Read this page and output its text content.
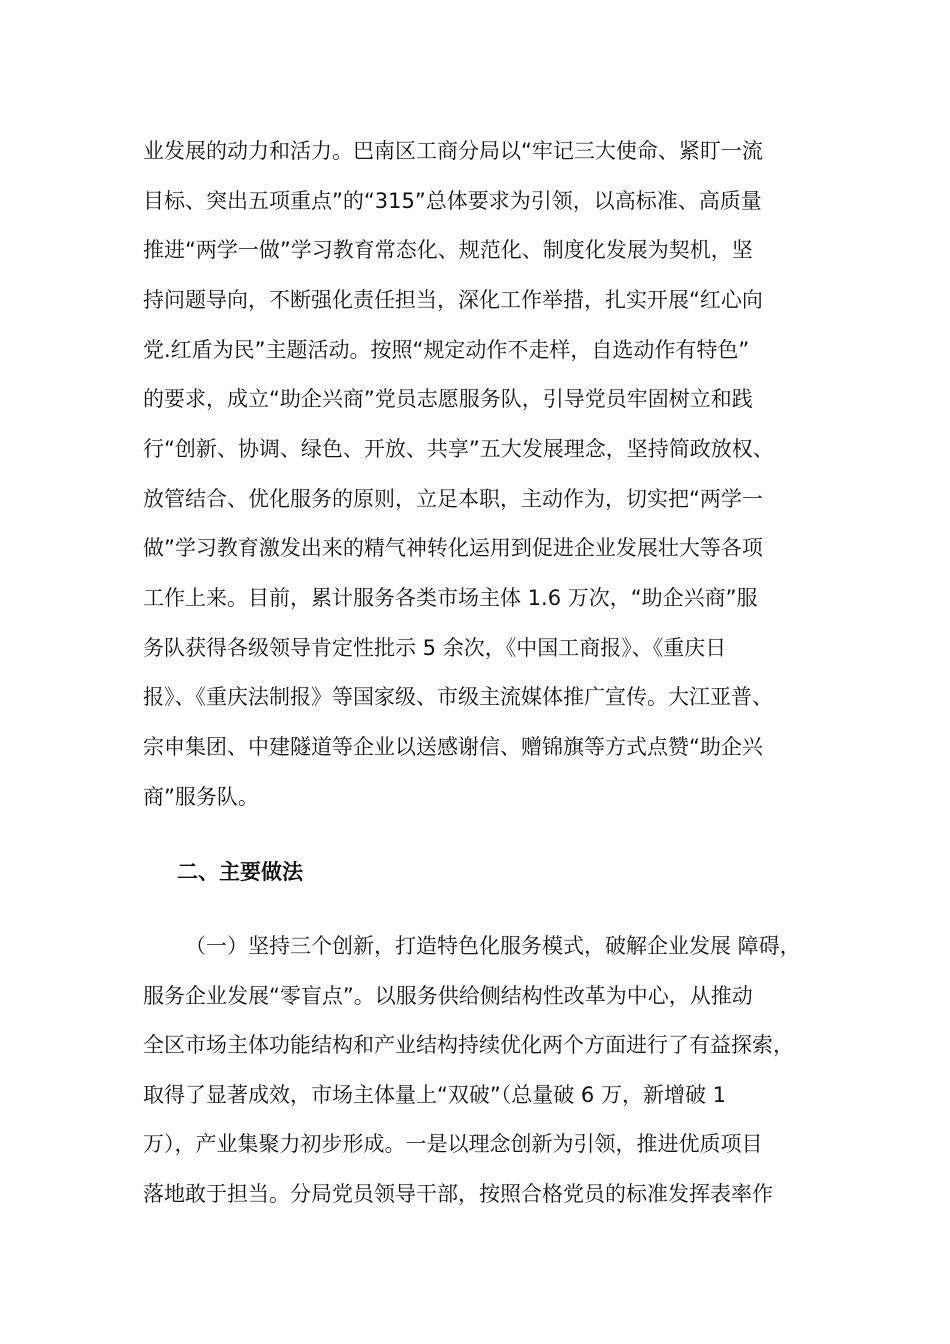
业发展的动力和活力。巴南区工商分局以“牢记三大使命、紧盯一流
目标、突出五项重点”的“315”总体要求为引领，以高标准、高质量
推进“两学一做”学习教育常态化、规范化、制度化发展为契机，坚
持问题导向，不断强化责任担当，深化工作举措，扎实开展“红心向
党.红盾为民”主题活动。按照“规定动作不走样，自选动作有特色”
的要求，成立“助企兴商”党员志愿服务队，引导党员牢固树立和践
行“创新、协调、绿色、开放、共享”五大发展理念，坚持简政放权、
放管结合、优化服务的原则，立足本职，主动作为，切实把“两学一
做”学习教育激发出来的精气神转化运用到促进企业发展壮大等各项
工作上来。目前，累计服务各类市场主体 1.6 万次，“助企兴商”服
务队获得各级领导肯定性批示 5 余次，《中国工商报》、《重庆日
报》、《重庆法制报》等国家级、市级主流媒体推广宣传。大江亚普、
宗申集团、中建隧道等企业以送感谢信、赠锦旗等方式点赞“助企兴
商”服务队。
二、主要做法
（一）坚持三个创新，打造特色化服务模式，破解企业发展 障碍，
服务企业发展“零盲点”。以服务供给侧结构性改革为中心，从推动
全区市场主体功能结构和产业结构持续优化两个方面进行了有益探索，
取得了显著成效，市场主体量上“双破”（总量破 6 万，新增破 1
万），产业集聚力初步形成。一是以理念创新为引领，推进优质项目
落地敢于担当。分局党员领导干部，按照合格党员的标准发挥表率作
